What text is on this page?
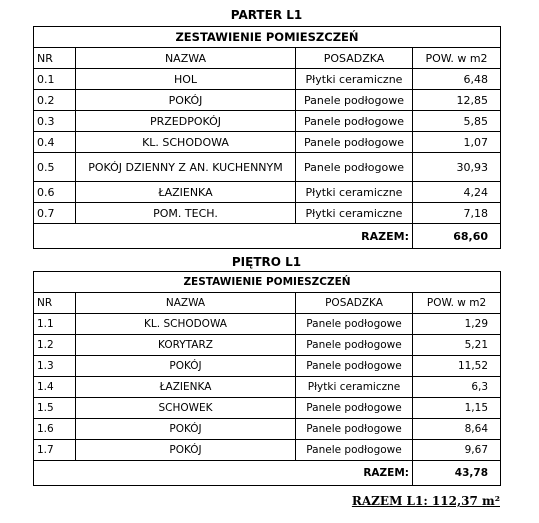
PARTER L1
ZESTAWIENIE POMIESZCZEŃ			
NR	NAZWA	POSADZKA	POW. w m2
0.1	HOL	Płytki ceramiczne	6,48
0.2	POKÓJ	Panele podłogowe	12,85
0.3	PRZEDPOKÓJ	Panele podłogowe	5,85
0.4	KL. SCHODOWA	Panele podłogowe	1,07
0.5	POKÓJ DZIENNY Z AN. KUCHENNYM	Panele podłogowe	30,93
0.6	ŁAZIENKA	Płytki ceramiczne	4,24
0.7	POM. TECH.	Płytki ceramiczne	7,18
		RAZEM:	68,60
PIĘTRO L1
ZESTAWIENIE POMIESZCZEŃ			
NR	NAZWA	POSADZKA	POW. w m2
1.1	KL. SCHODOWA	Panele podłogowe	1,29
1.2	KORYTARZ	Panele podłogowe	5,21
1.3	POKÓJ	Panele podłogowe	11,52
1.4	ŁAZIENKA	Płytki ceramiczne	6,3
1.5	SCHOWEK	Panele podłogowe	1,15
1.6	POKÓJ	Panele podłogowe	8,64
1.7	POKÓJ	Panele podłogowe	9,67
		RAZEM:	43,78
RAZEM L1: 112,37 m²
